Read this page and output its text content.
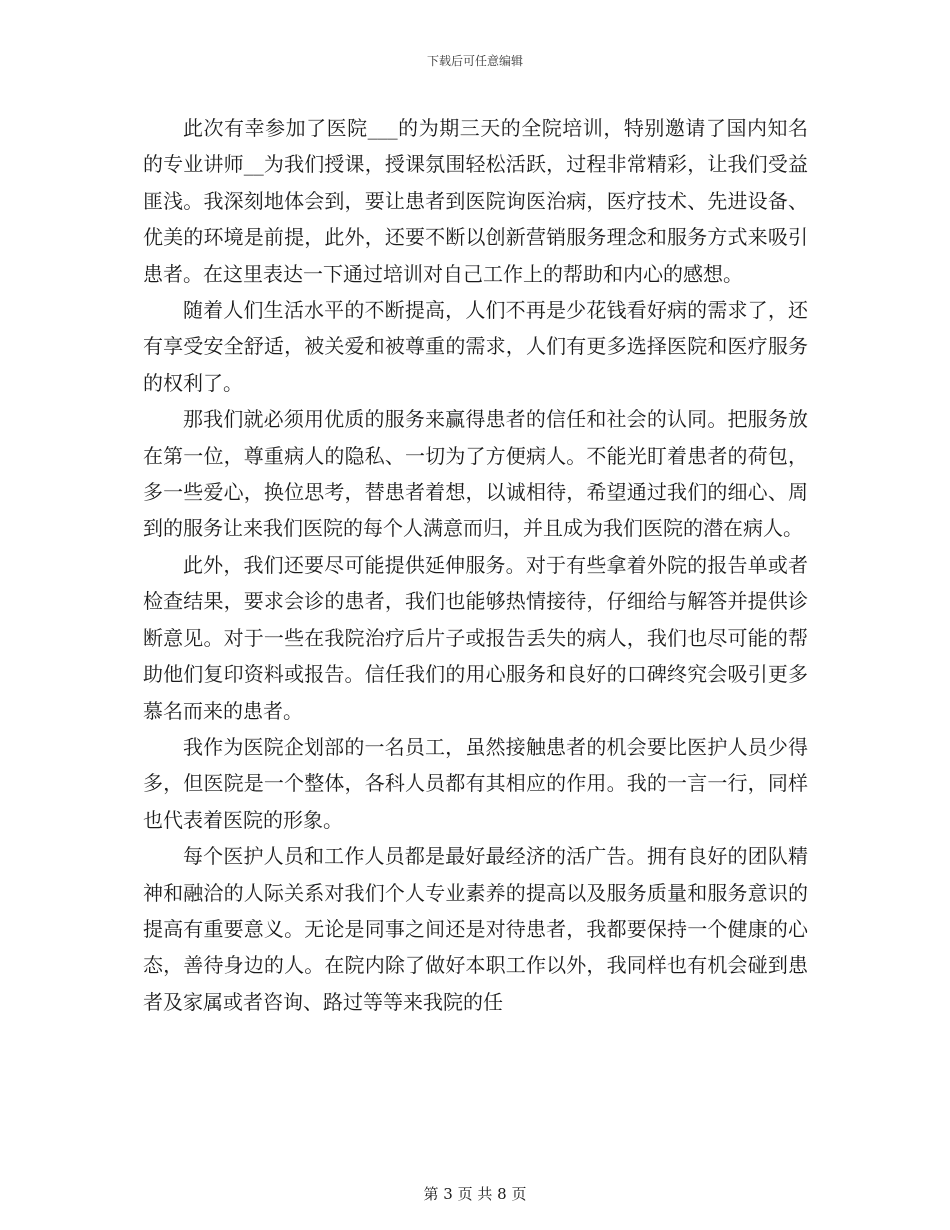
下载后可任意编辑

此次有幸参加了医院___的为期三天的全院培训，特别邀请了国内知名的专业讲师__为我们授课，授课氛围轻松活跃，过程非常精彩，让我们受益匪浅。我深刻地体会到，要让患者到医院询医治病，医疗技术、先进设备、优美的环境是前提，此外，还要不断以创新营销服务理念和服务方式来吸引患者。在这里表达一下通过培训对自己工作上的帮助和内心的感想。

随着人们生活水平的不断提高，人们不再是少花钱看好病的需求了，还有享受安全舒适，被关爱和被尊重的需求，人们有更多选择医院和医疗服务的权利了。

那我们就必须用优质的服务来赢得患者的信任和社会的认同。把服务放在第一位，尊重病人的隐私、一切为了方便病人。不能光盯着患者的荷包，多一些爱心，换位思考，替患者着想，以诚相待，希望通过我们的细心、周到的服务让来我们医院的每个人满意而归，并且成为我们医院的潜在病人。

此外，我们还要尽可能提供延伸服务。对于有些拿着外院的报告单或者检查结果，要求会诊的患者，我们也能够热情接待，仔细给与解答并提供诊断意见。对于一些在我院治疗后片子或报告丢失的病人，我们也尽可能的帮助他们复印资料或报告。信任我们的用心服务和良好的口碑终究会吸引更多慕名而来的患者。

我作为医院企划部的一名员工，虽然接触患者的机会要比医护人员少得多，但医院是一个整体，各科人员都有其相应的作用。我的一言一行，同样也代表着医院的形象。

每个医护人员和工作人员都是最好最经济的活广告。拥有良好的团队精神和融洽的人际关系对我们个人专业素养的提高以及服务质量和服务意识的提高有重要意义。无论是同事之间还是对待患者，我都要保持一个健康的心态，善待身边的人。在院内除了做好本职工作以外，我同样也有机会碰到患者及家属或者咨询、路过等等来我院的任

第 3 页 共 8 页
